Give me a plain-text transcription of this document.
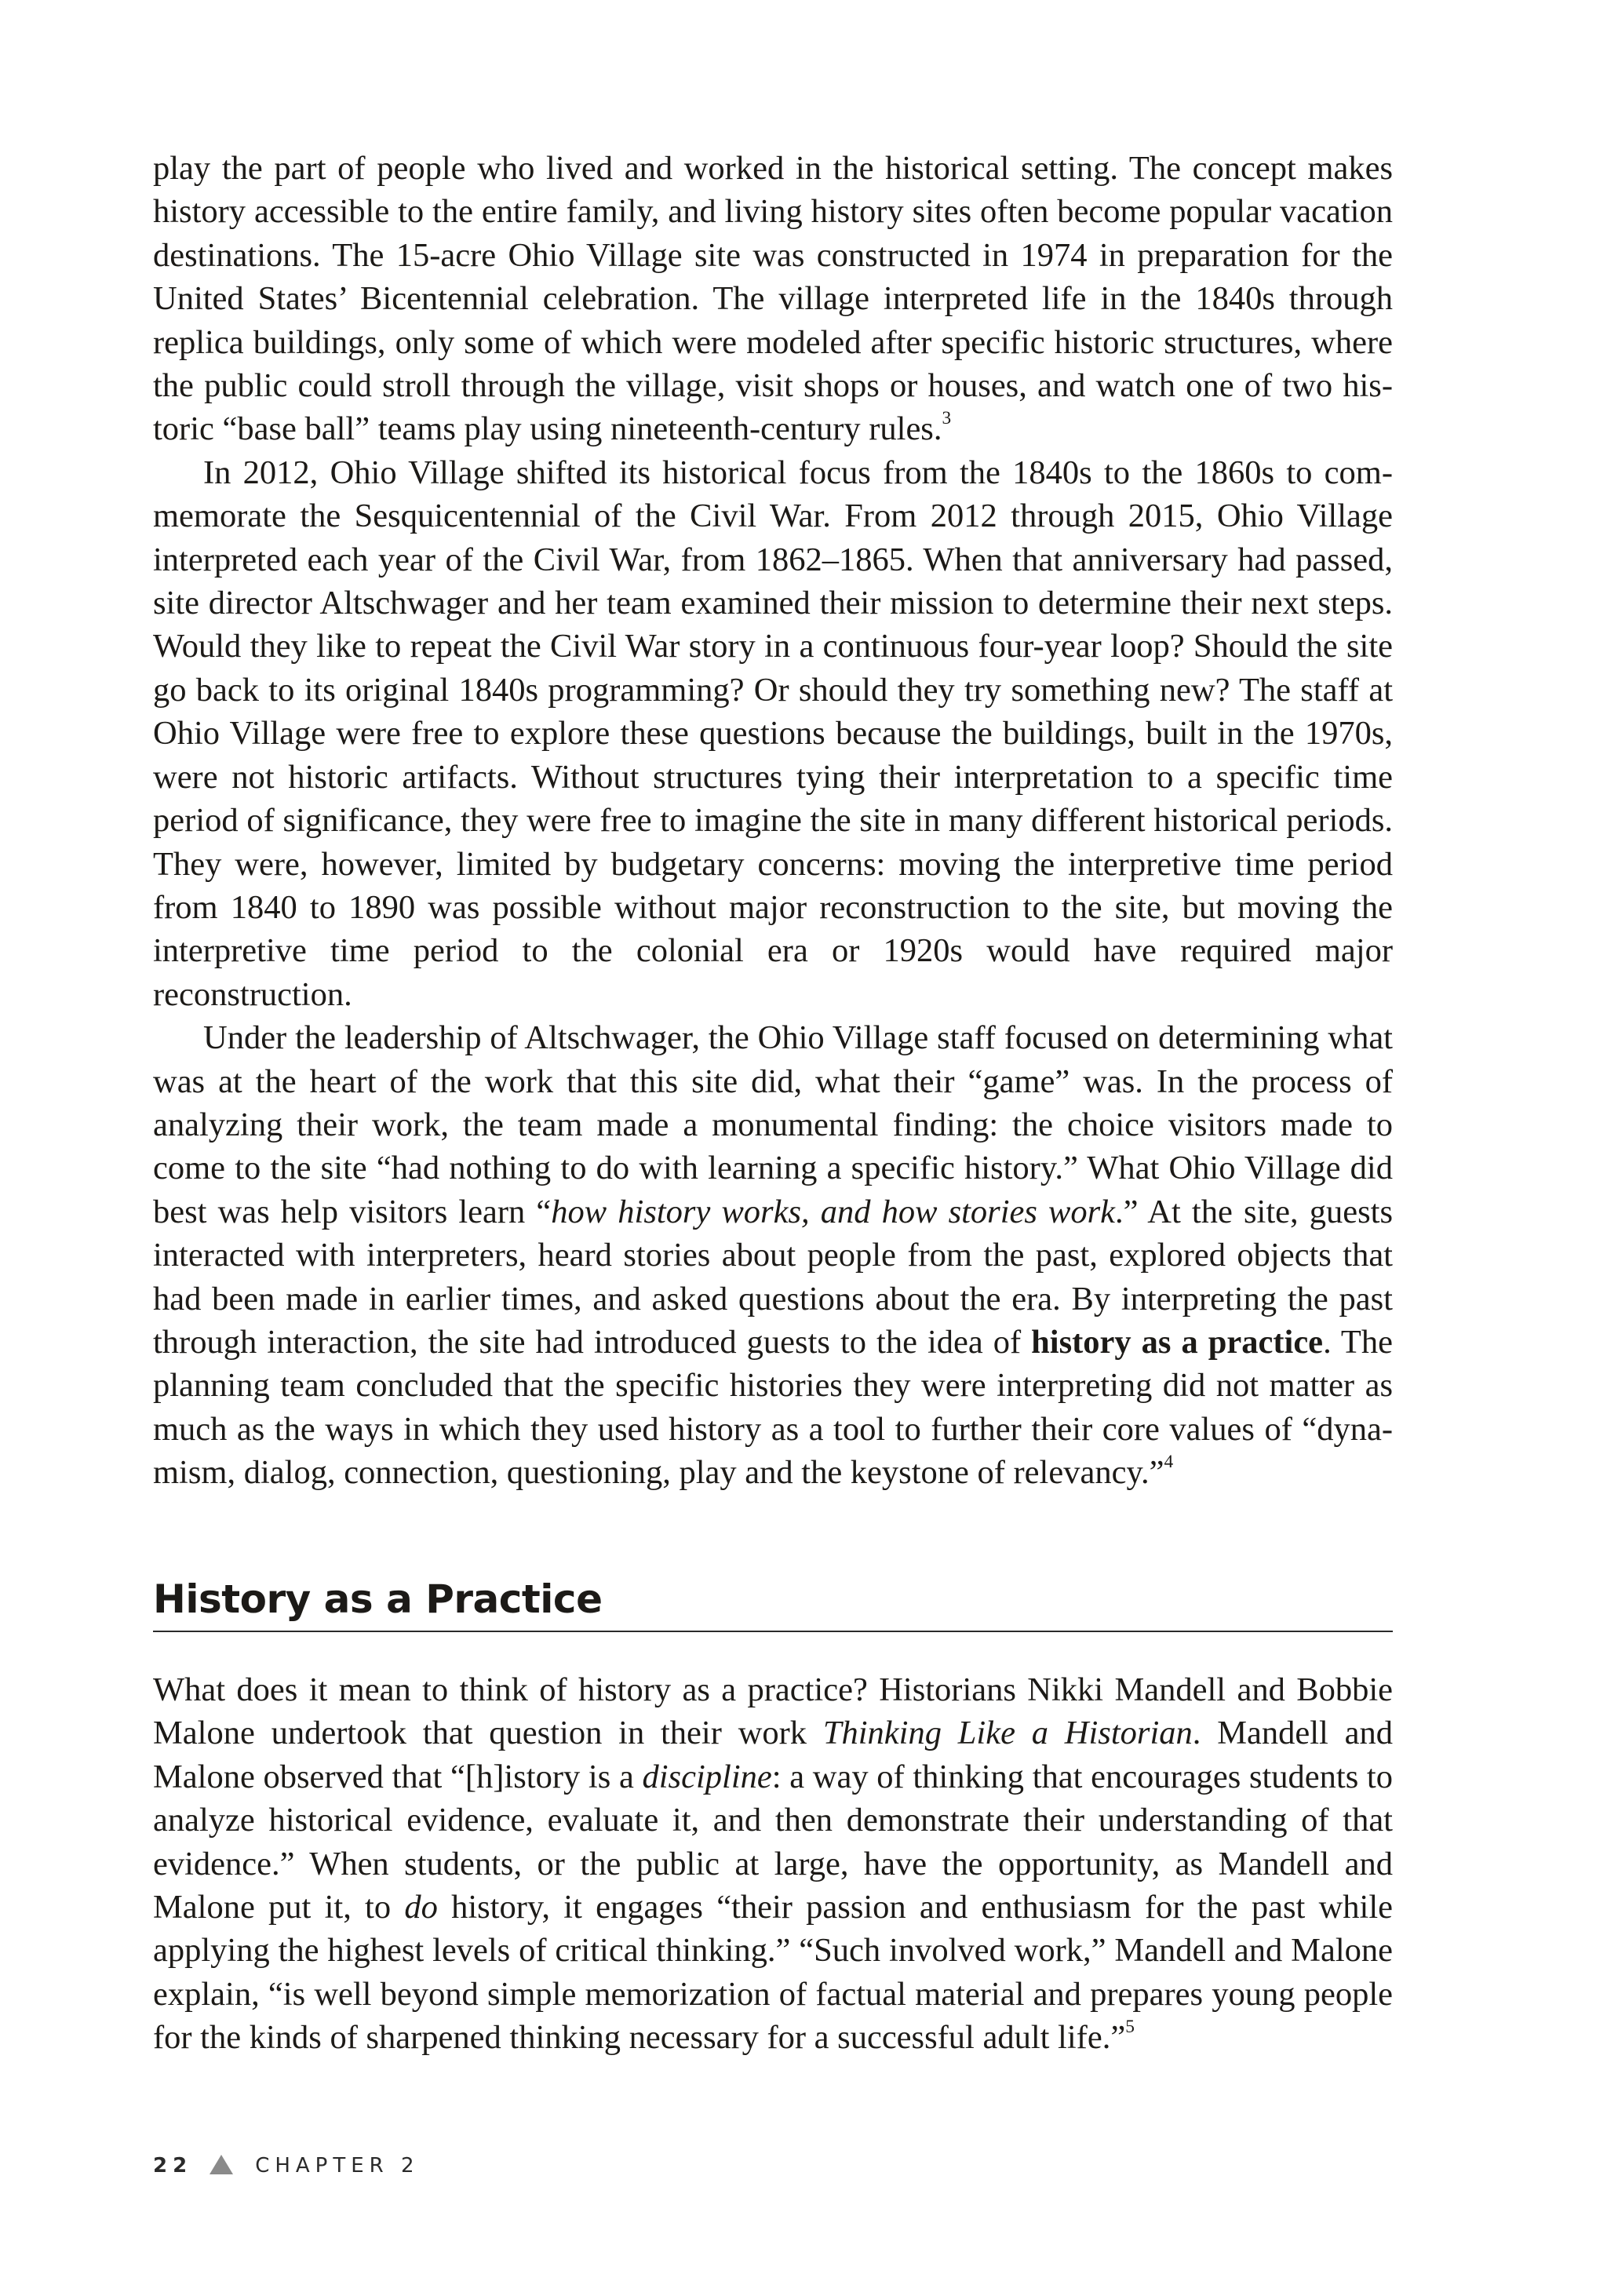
play the part of people who lived and worked in the historical setting. The concept makes history accessible to the entire family, and living history sites often become popular vacation destinations. The 15-acre Ohio Village site was constructed in 1974 in preparation for the United States’ Bicentennial celebration. The village interpreted life in the 1840s through replica buildings, only some of which were modeled after specific historic structures, where the public could stroll through the village, visit shops or houses, and watch one of two historic “base ball” teams play using nineteenth-century rules.$^3$

In 2012, Ohio Village shifted its historical focus from the 1840s to the 1860s to commemorate the Sesquicentennial of the Civil War. From 2012 through 2015, Ohio Village interpreted each year of the Civil War, from 1862–1865. When that anniversary had passed, site director Altschwager and her team examined their mission to determine their next steps. Would they like to repeat the Civil War story in a continuous four-year loop? Should the site go back to its original 1840s programming? Or should they try something new? The staff at Ohio Village were free to explore these questions because the buildings, built in the 1970s, were not historic artifacts. Without structures tying their interpretation to a specific time period of significance, they were free to imagine the site in many different historical periods. They were, however, limited by budgetary concerns: moving the interpretive time period from 1840 to 1890 was possible without major reconstruction to the site, but moving the interpretive time period to the colonial era or 1920s would have required major reconstruction.

Under the leadership of Altschwager, the Ohio Village staff focused on determining what was at the heart of the work that this site did, what their “game” was. In the process of analyzing their work, the team made a monumental finding: the choice visitors made to come to the site “had nothing to do with learning a specific history.” What Ohio Village did best was help visitors learn “how history works, and how stories work.” At the site, guests interacted with interpreters, heard stories about people from the past, explored objects that had been made in earlier times, and asked questions about the era. By interpreting the past through interaction, the site had introduced guests to the idea of history as a practice. The planning team concluded that the specific histories they were interpreting did not matter as much as the ways in which they used history as a tool to further their core values of “dynamism, dialog, connection, questioning, play and the keystone of relevancy.”$^4$

History as a Practice

What does it mean to think of history as a practice? Historians Nikki Mandell and Bobbie Malone undertook that question in their work Thinking Like a Historian. Mandell and Malone observed that “[h]istory is a discipline: a way of thinking that encourages students to analyze historical evidence, evaluate it, and then demonstrate their understanding of that evidence.” When students, or the public at large, have the opportunity, as Mandell and Malone put it, to do history, it engages “their passion and enthusiasm for the past while applying the highest levels of critical thinking.” “Such involved work,” Mandell and Malone explain, “is well beyond simple memorization of factual material and prepares young people for the kinds of sharpened thinking necessary for a successful adult life.”$^5$

22	CHAPTER 2
